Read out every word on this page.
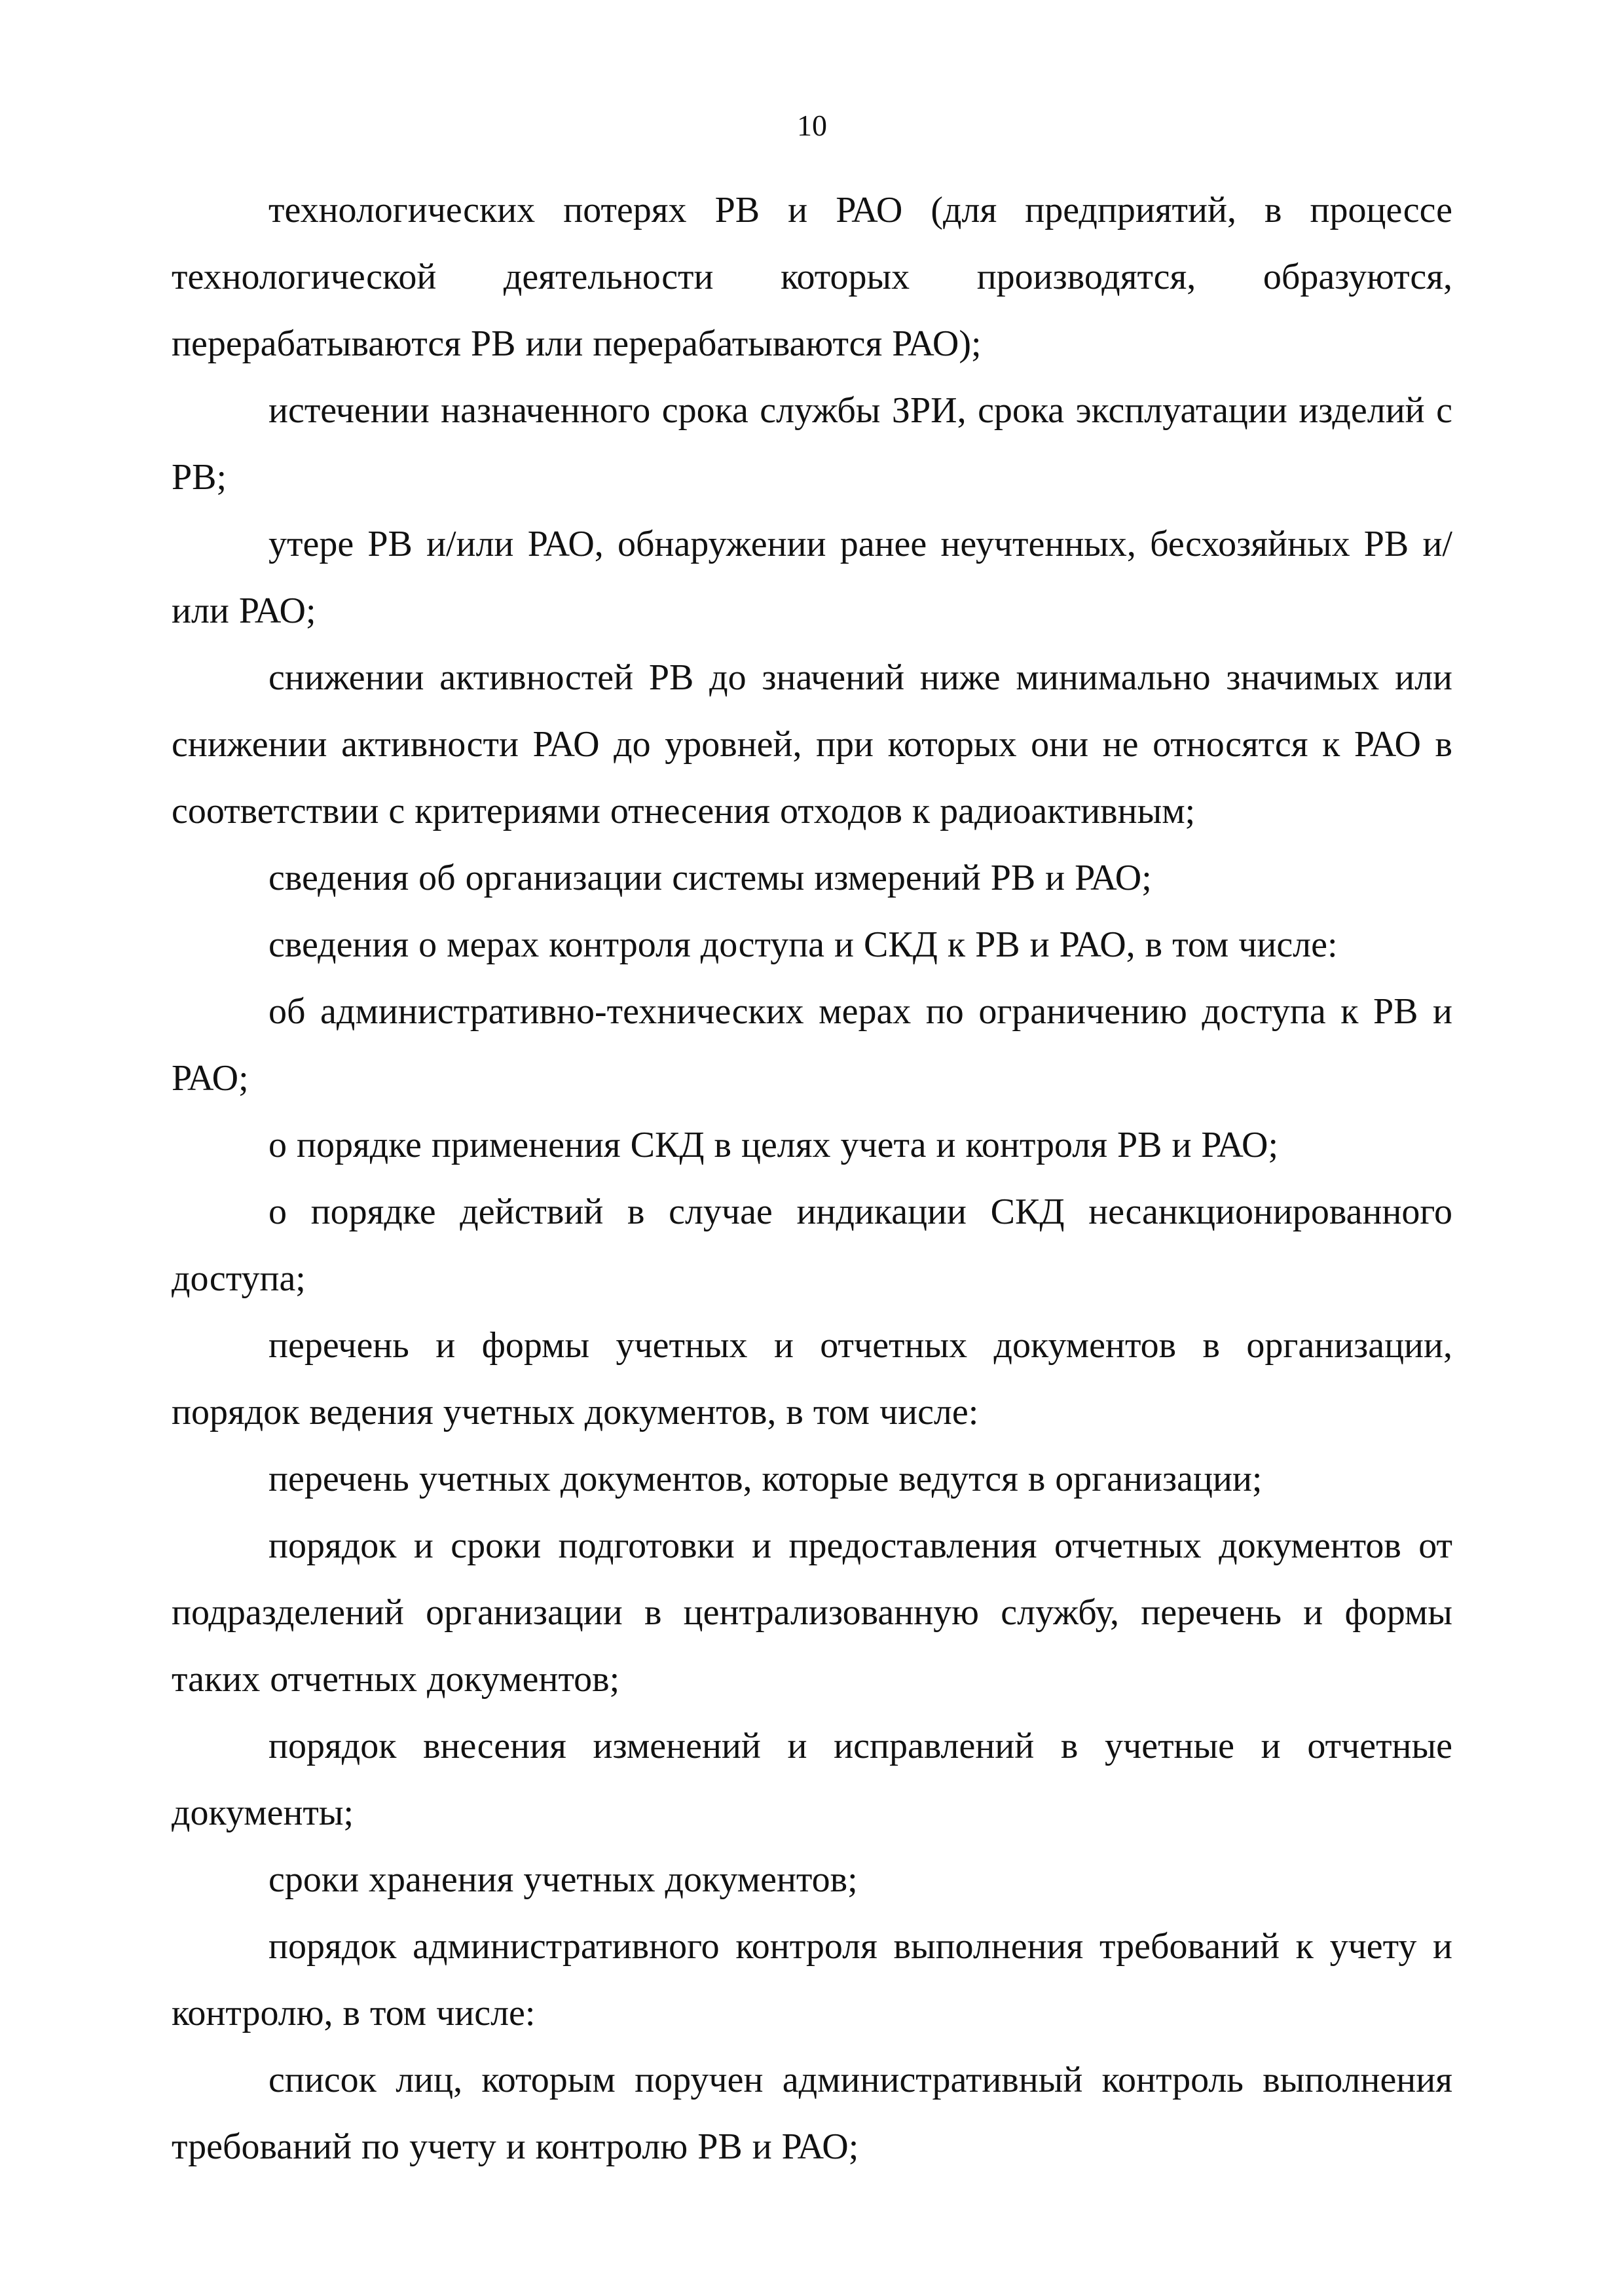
10

технологических потерях РВ и РАО (для предприятий, в процессе технологической деятельности которых производятся, образуются, перерабатываются РВ или перерабатываются РАО);

истечении назначенного срока службы ЗРИ, срока эксплуатации изделий с РВ;

утере РВ и/или РАО, обнаружении ранее неучтенных, бесхозяйных РВ и/или РАО;

снижении активностей РВ до значений ниже минимально значимых или снижении активности РАО до уровней, при которых они не относятся к РАО в соответствии с критериями отнесения отходов к радиоактивным;

сведения об организации системы измерений РВ и РАО;

сведения о мерах контроля доступа и СКД к РВ и РАО, в том числе:

об административно-технических мерах по ограничению доступа к РВ и РАО;

о порядке применения СКД в целях учета и контроля РВ и РАО;

о порядке действий в случае индикации СКД несанкционированного доступа;

перечень и формы учетных и отчетных документов в организации, порядок ведения учетных документов, в том числе:

перечень учетных документов, которые ведутся в организации;

порядок и сроки подготовки и предоставления отчетных документов от подразделений организации в централизованную службу, перечень и формы таких отчетных документов;

порядок внесения изменений и исправлений в учетные и отчетные документы;

сроки хранения учетных документов;

порядок административного контроля выполнения требований к учету и контролю, в том числе:

список лиц, которым поручен административный контроль выполнения требований по учету и контролю РВ и РАО;
